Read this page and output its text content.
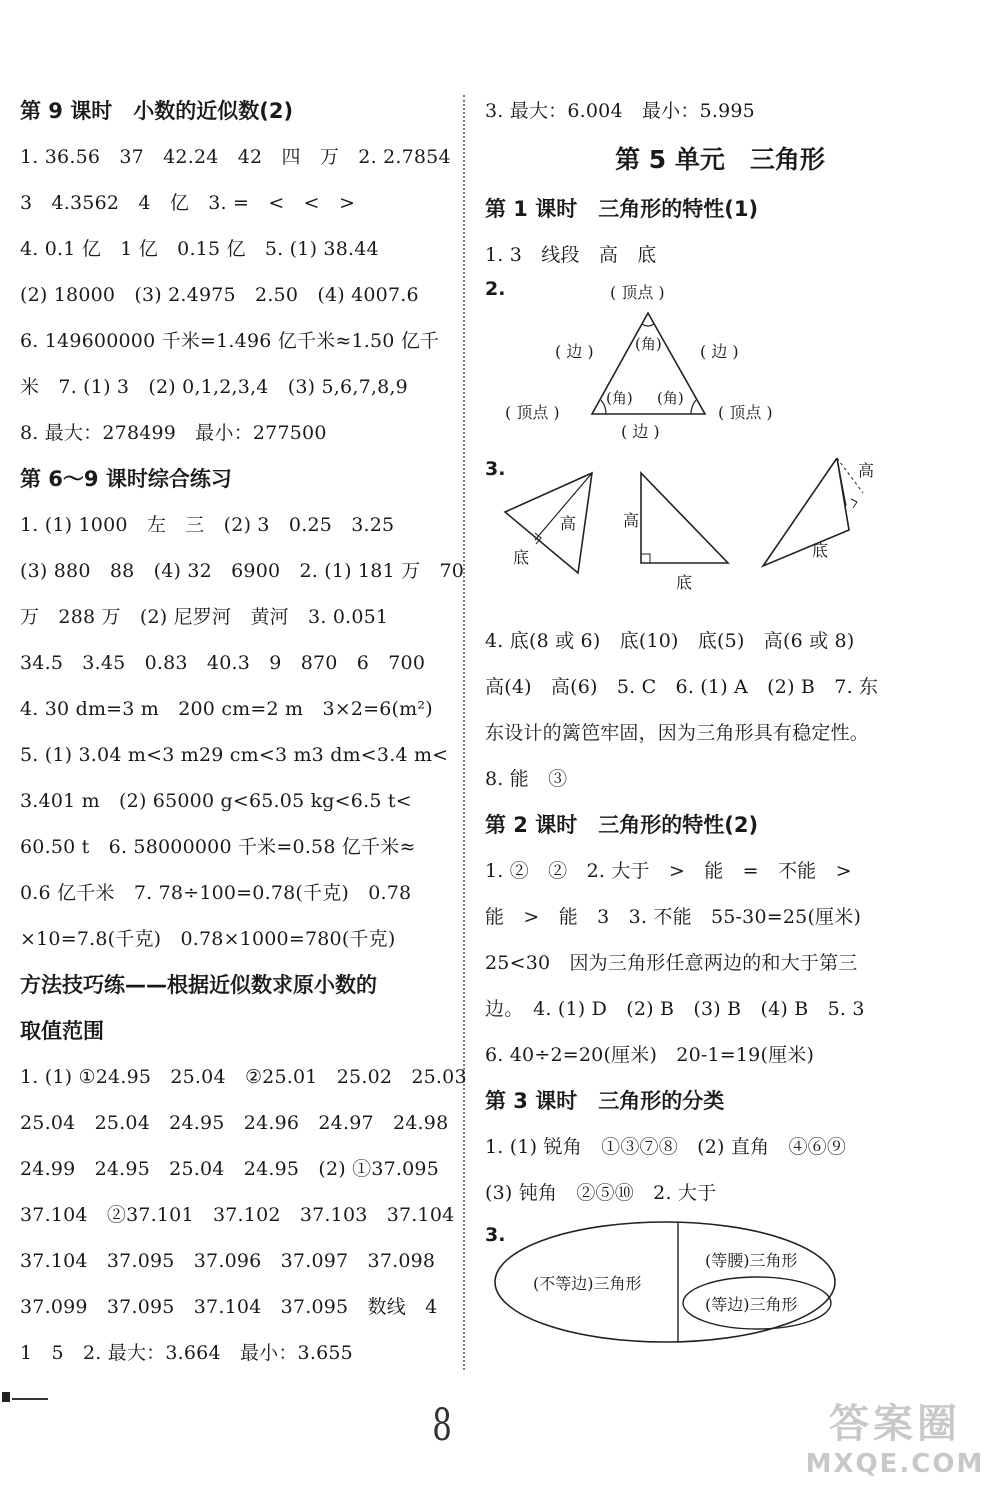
第 9 课时　小数的近似数(2)
1. 36.56　37　42.24　42　四　万　2. 2.7854
3　4.3562　4　亿　3. =　<　<　>
4. 0.1 亿　1 亿　0.15 亿　5. (1) 38.44
(2) 18000　(3) 2.4975　2.50　(4) 4007.6
6. 149600000 千米=1.496 亿千米≈1.50 亿千
米　7. (1) 3　(2) 0,1,2,3,4　(3) 5,6,7,8,9
8. 最大：278499　最小：277500
第 6～9 课时综合练习
1. (1) 1000　左　三　(2) 3　0.25　3.25
(3) 880　88　(4) 32　6900　2. (1) 181 万　70
万　288 万　(2) 尼罗河　黄河　3. 0.051
34.5　3.45　0.83　40.3　9　870　6　700
4. 30 dm=3 m　200 cm=2 m　3×2=6(m²)
5. (1) 3.04 m<3 m29 cm<3 m3 dm<3.4 m<
3.401 m　(2) 65000 g<65.05 kg<6.5 t<
60.50 t　6. 58000000 千米=0.58 亿千米≈
0.6 亿千米　7. 78÷100=0.78(千克)　0.78
×10=7.8(千克)　0.78×1000=780(千克)
方法技巧练——根据近似数求原小数的
取值范围
1. (1) ①24.95　25.04　②25.01　25.02　25.03
25.04　25.04　24.95　24.96　24.97　24.98
24.99　24.95　25.04　24.95　(2) ①37.095
37.104　②37.101　37.102　37.103　37.104
37.104　37.095　37.096　37.097　37.098
37.099　37.095　37.104　37.095　数线　4
1　5　2. 最大：3.664　最小：3.655
3. 最大：6.004　最小：5.995
第 5 单元　三角形
第 1 课时　三角形的特性(1)
1. 3　线段　高　底
2.	( 顶点 )
( 边 )	( 边 )
( 顶点 )	( 顶点 )
( 边 )
(角)
(角) (角)
3.
高
底
高
底
高
底
4. 底(8 或 6)　底(10)　底(5)　高(6 或 8)
高(4)　高(6)　5. C　6. (1) A　(2) B　7. 东
东设计的篱笆牢固，因为三角形具有稳定性。
8. 能　③
第 2 课时　三角形的特性(2)
1. ②　②　2. 大于　>　能　=　不能　>
能　>　能　3　3. 不能　55-30=25(厘米)
25<30　因为三角形任意两边的和大于第三
边。　4. (1) D　(2) B　(3) B　(4) B　5. 3
6. 40÷2=20(厘米)　20-1=19(厘米)
第 3 课时　三角形的分类
1. (1) 锐角　①③⑦⑧　(2) 直角　④⑥⑨
(3) 钝角　②⑤⑩　2. 大于
3.
(不等边)三角形
(等腰)三角形
(等边)三角形
8	答案圈
MXQE.COM
